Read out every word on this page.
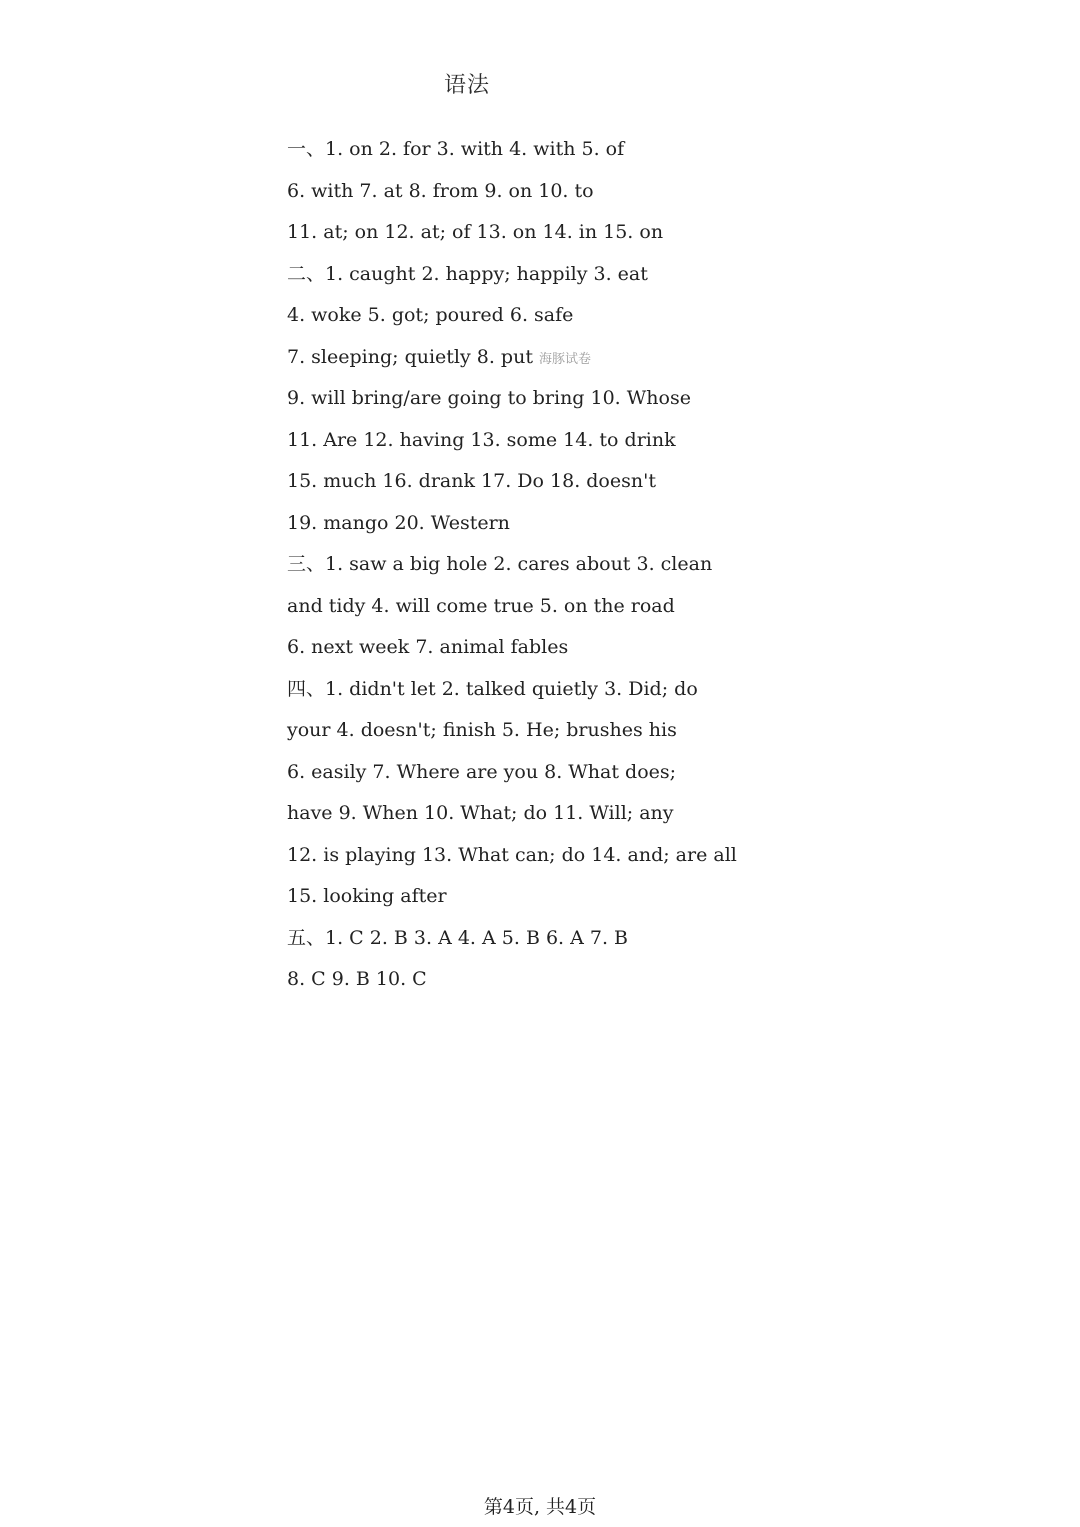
语法
一、1. on 2. for 3. with 4. with 5. of
6. with 7. at 8. from 9. on 10. to
11. at; on 12. at; of 13. on 14. in 15. on
二、1. caught 2. happy; happily 3. eat
4. woke 5. got; poured 6. safe
7. sleeping; quietly 8. put 海豚试卷
9. will bring/are going to bring 10. Whose
11. Are 12. having 13. some 14. to drink
15. much 16. drank 17. Do 18. doesn't
19. mango 20. Western
三、1. saw a big hole 2. cares about 3. clean
and tidy 4. will come true 5. on the road
6. next week 7. animal fables
四、1. didn't let 2. talked quietly 3. Did; do
your 4. doesn't; finish 5. He; brushes his
6. easily 7. Where are you 8. What does;
have 9. When 10. What; do 11. Will; any
12. is playing 13. What can; do 14. and; are all
15. looking after
五、1. C 2. B 3. A 4. A 5. B 6. A 7. B
8. C 9. B 10. C
第4页, 共4页
